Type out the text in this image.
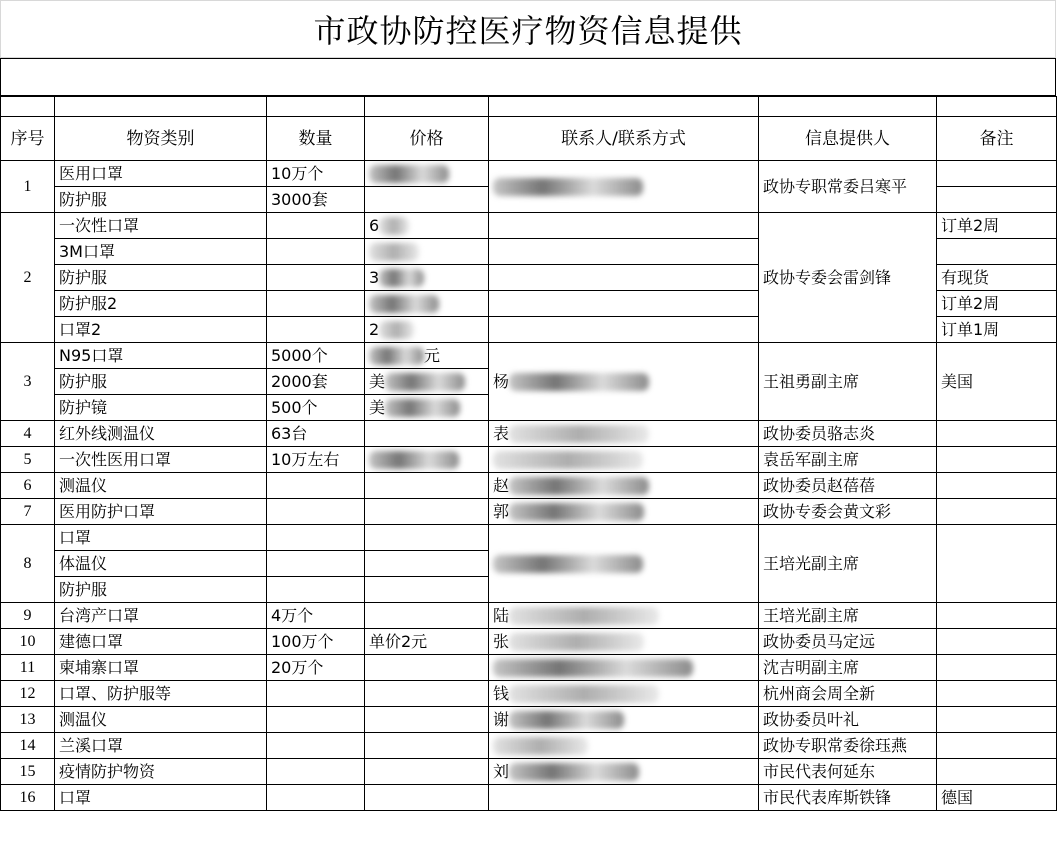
市政协防控医疗物资信息提供

序号	物资类别	数量	价格	联系人/联系方式	信息提供人	备注
1	医用口罩	10万个			政协专职常委吕寒平	
	防护服	3000套				
2	一次性口罩		6		政协专委会雷剑锋	订单2周
	3M口罩					
	防护服		3			有现货
	防护服2					订单2周
	口罩2		2			订单1周
3	N95口罩	5000个	元	杨	王祖勇副主席	美国
	防护服	2000套	美			
	防护镜	500个	美			
4	红外线测温仪	63台		表	政协委员骆志炎	
5	一次性医用口罩	10万左右			袁岳军副主席	
6	测温仪			赵	政协委员赵蓓蓓	
7	医用防护口罩			郭	政协专委会黄文彩	
8	口罩				王培光副主席	
	体温仪					
	防护服					
9	台湾产口罩	4万个		陆	王培光副主席	
10	建德口罩	100万个	单价2元	张	政协委员马定远	
11	柬埔寨口罩	20万个			沈吉明副主席	
12	口罩、防护服等			钱	杭州商会周全新	
13	测温仪			谢	政协委员叶礼	
14	兰溪口罩				政协专职常委徐珏燕	
15	疫情防护物资			刘	市民代表何延东	
16	口罩				市民代表库斯铁锋	德国
